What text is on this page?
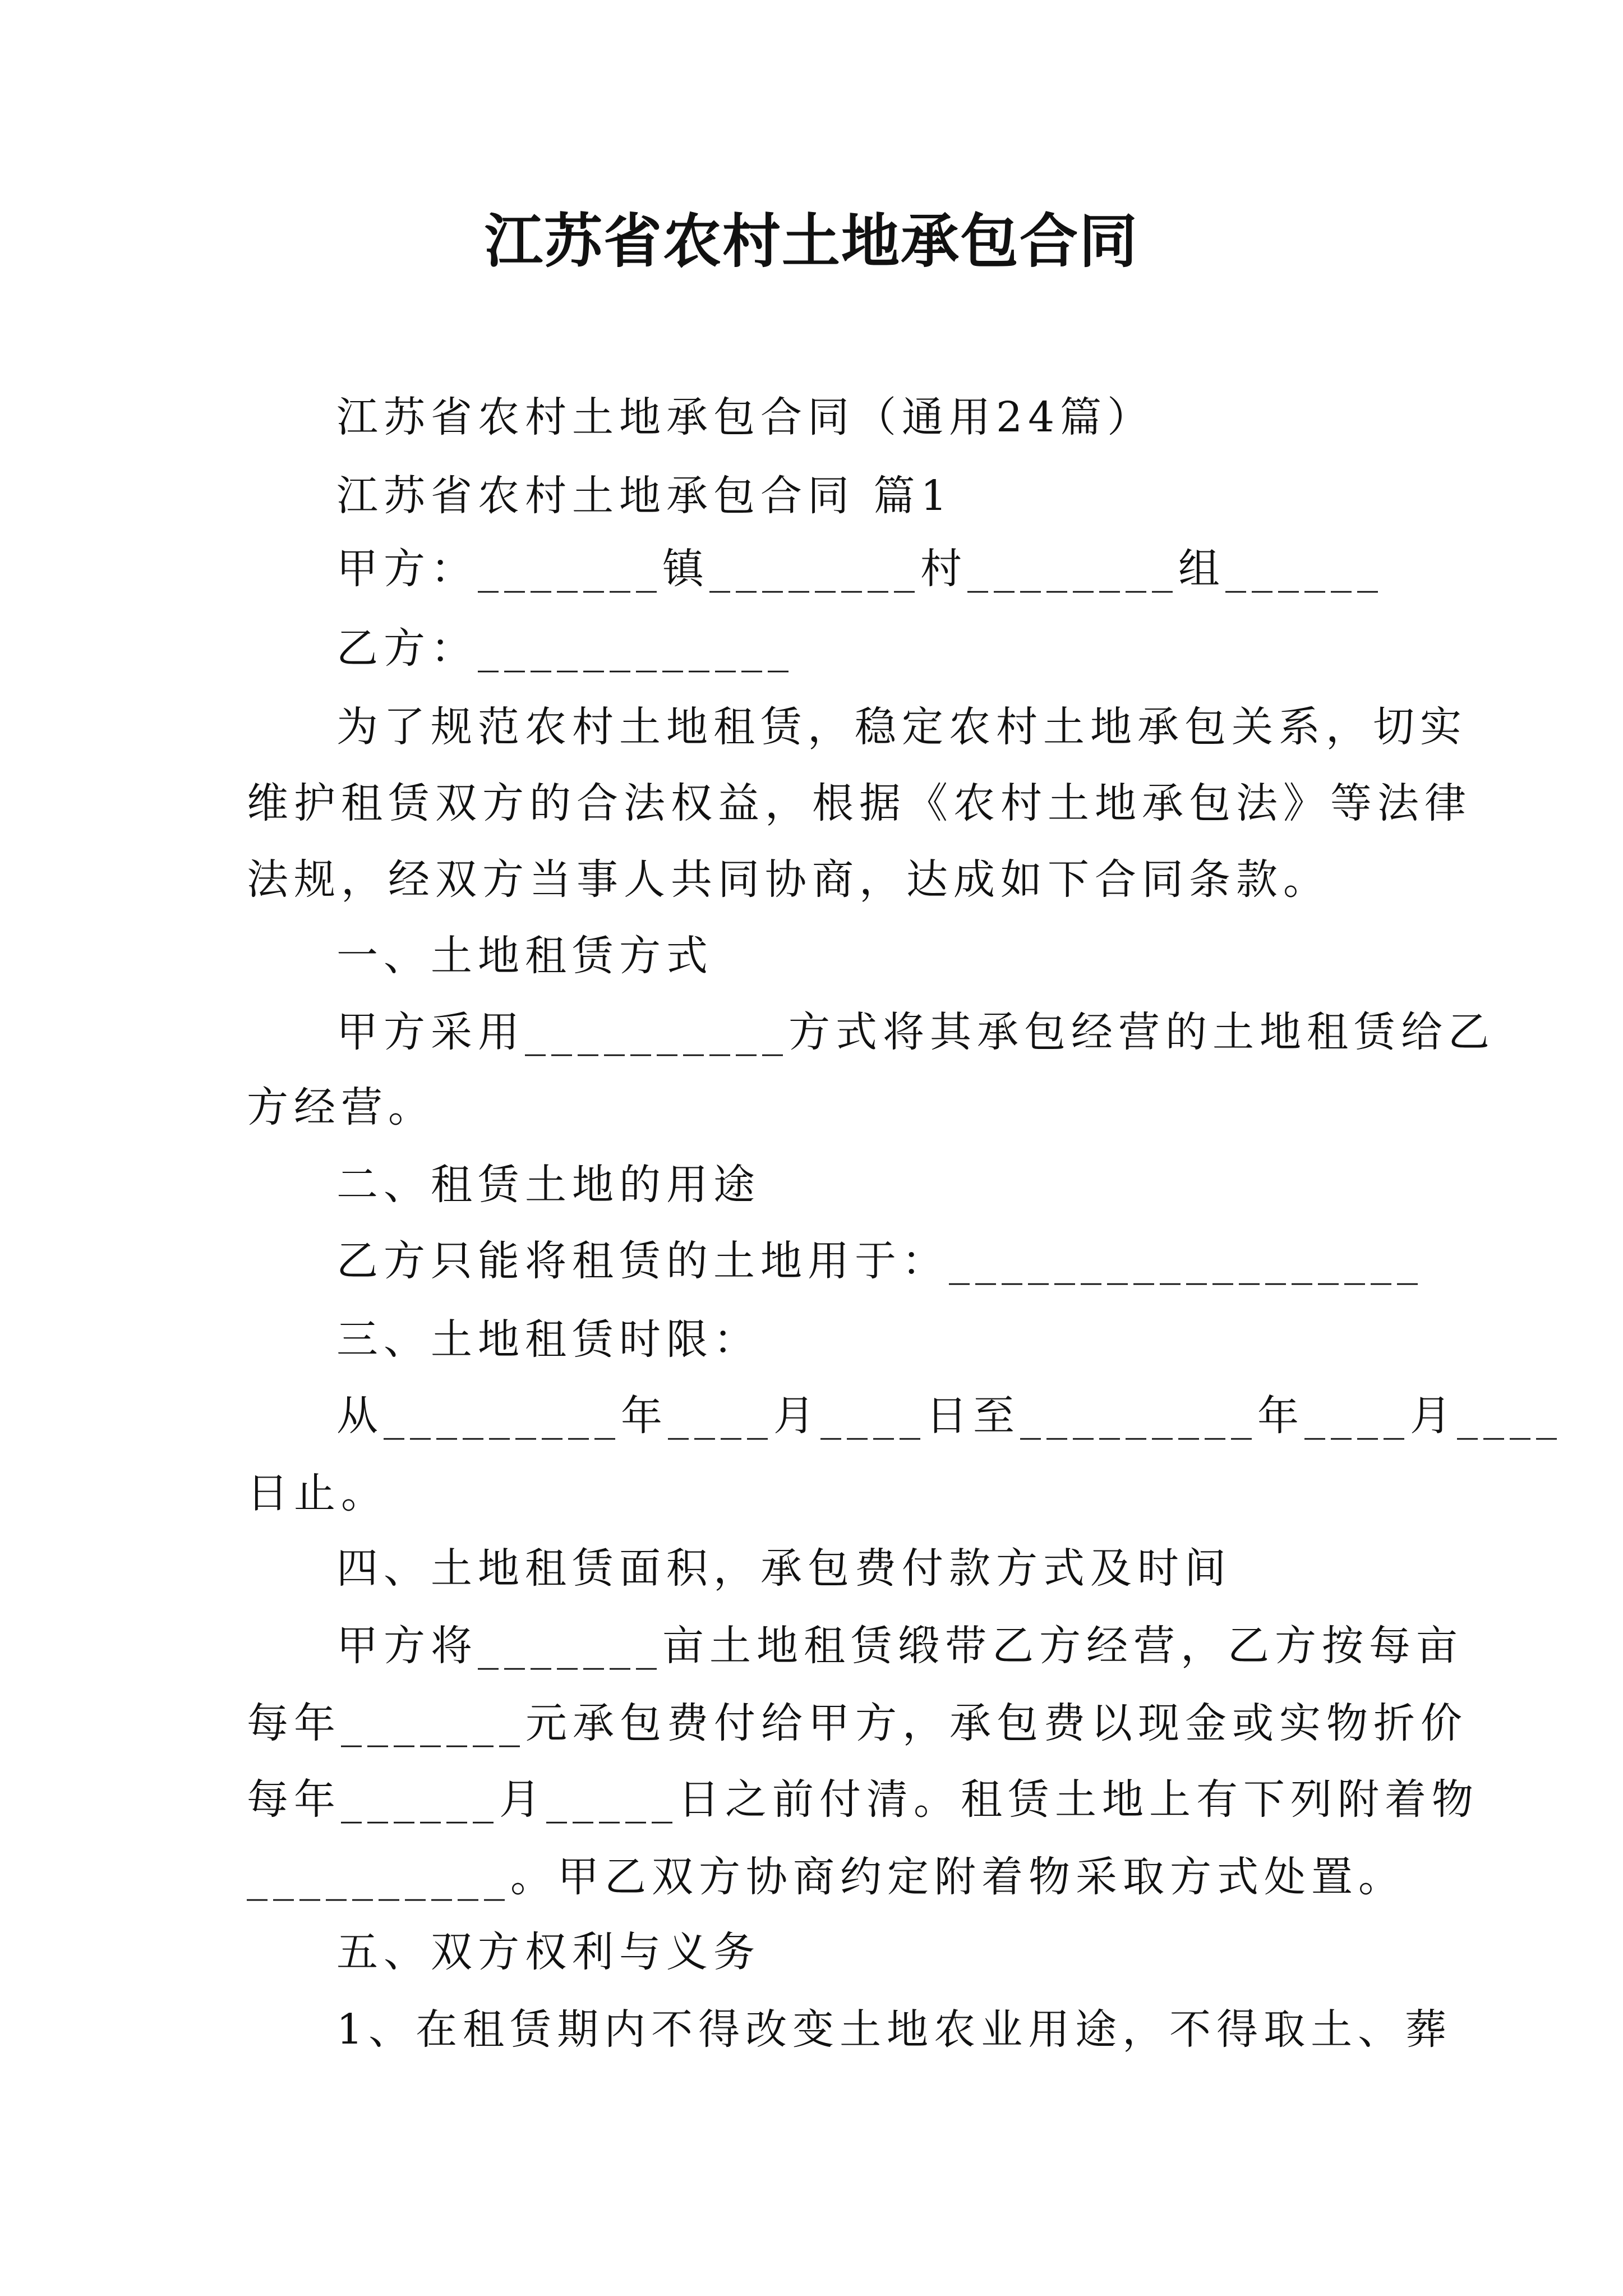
江苏省农村土地承包合同
江苏省农村土地承包合同（通用24篇）
江苏省农村土地承包合同 篇1
甲方：_______镇________村________组______
乙方：____________
为了规范农村土地租赁，稳定农村土地承包关系，切实
维护租赁双方的合法权益，根据《农村土地承包法》等法律
法规，经双方当事人共同协商，达成如下合同条款。
一、土地租赁方式
甲方采用__________方式将其承包经营的土地租赁给乙
方经营。
二、租赁土地的用途
乙方只能将租赁的土地用于：__________________
三、土地租赁时限：
从_________年____月____日至_________年____月____
日止。
四、土地租赁面积，承包费付款方式及时间
甲方将_______亩土地租赁缎带乙方经营，乙方按每亩
每年_______元承包费付给甲方，承包费以现金或实物折价
每年______月_____日之前付清。租赁土地上有下列附着物
__________。甲乙双方协商约定附着物采取方式处置。
五、双方权利与义务
1、在租赁期内不得改变土地农业用途，不得取土、葬
